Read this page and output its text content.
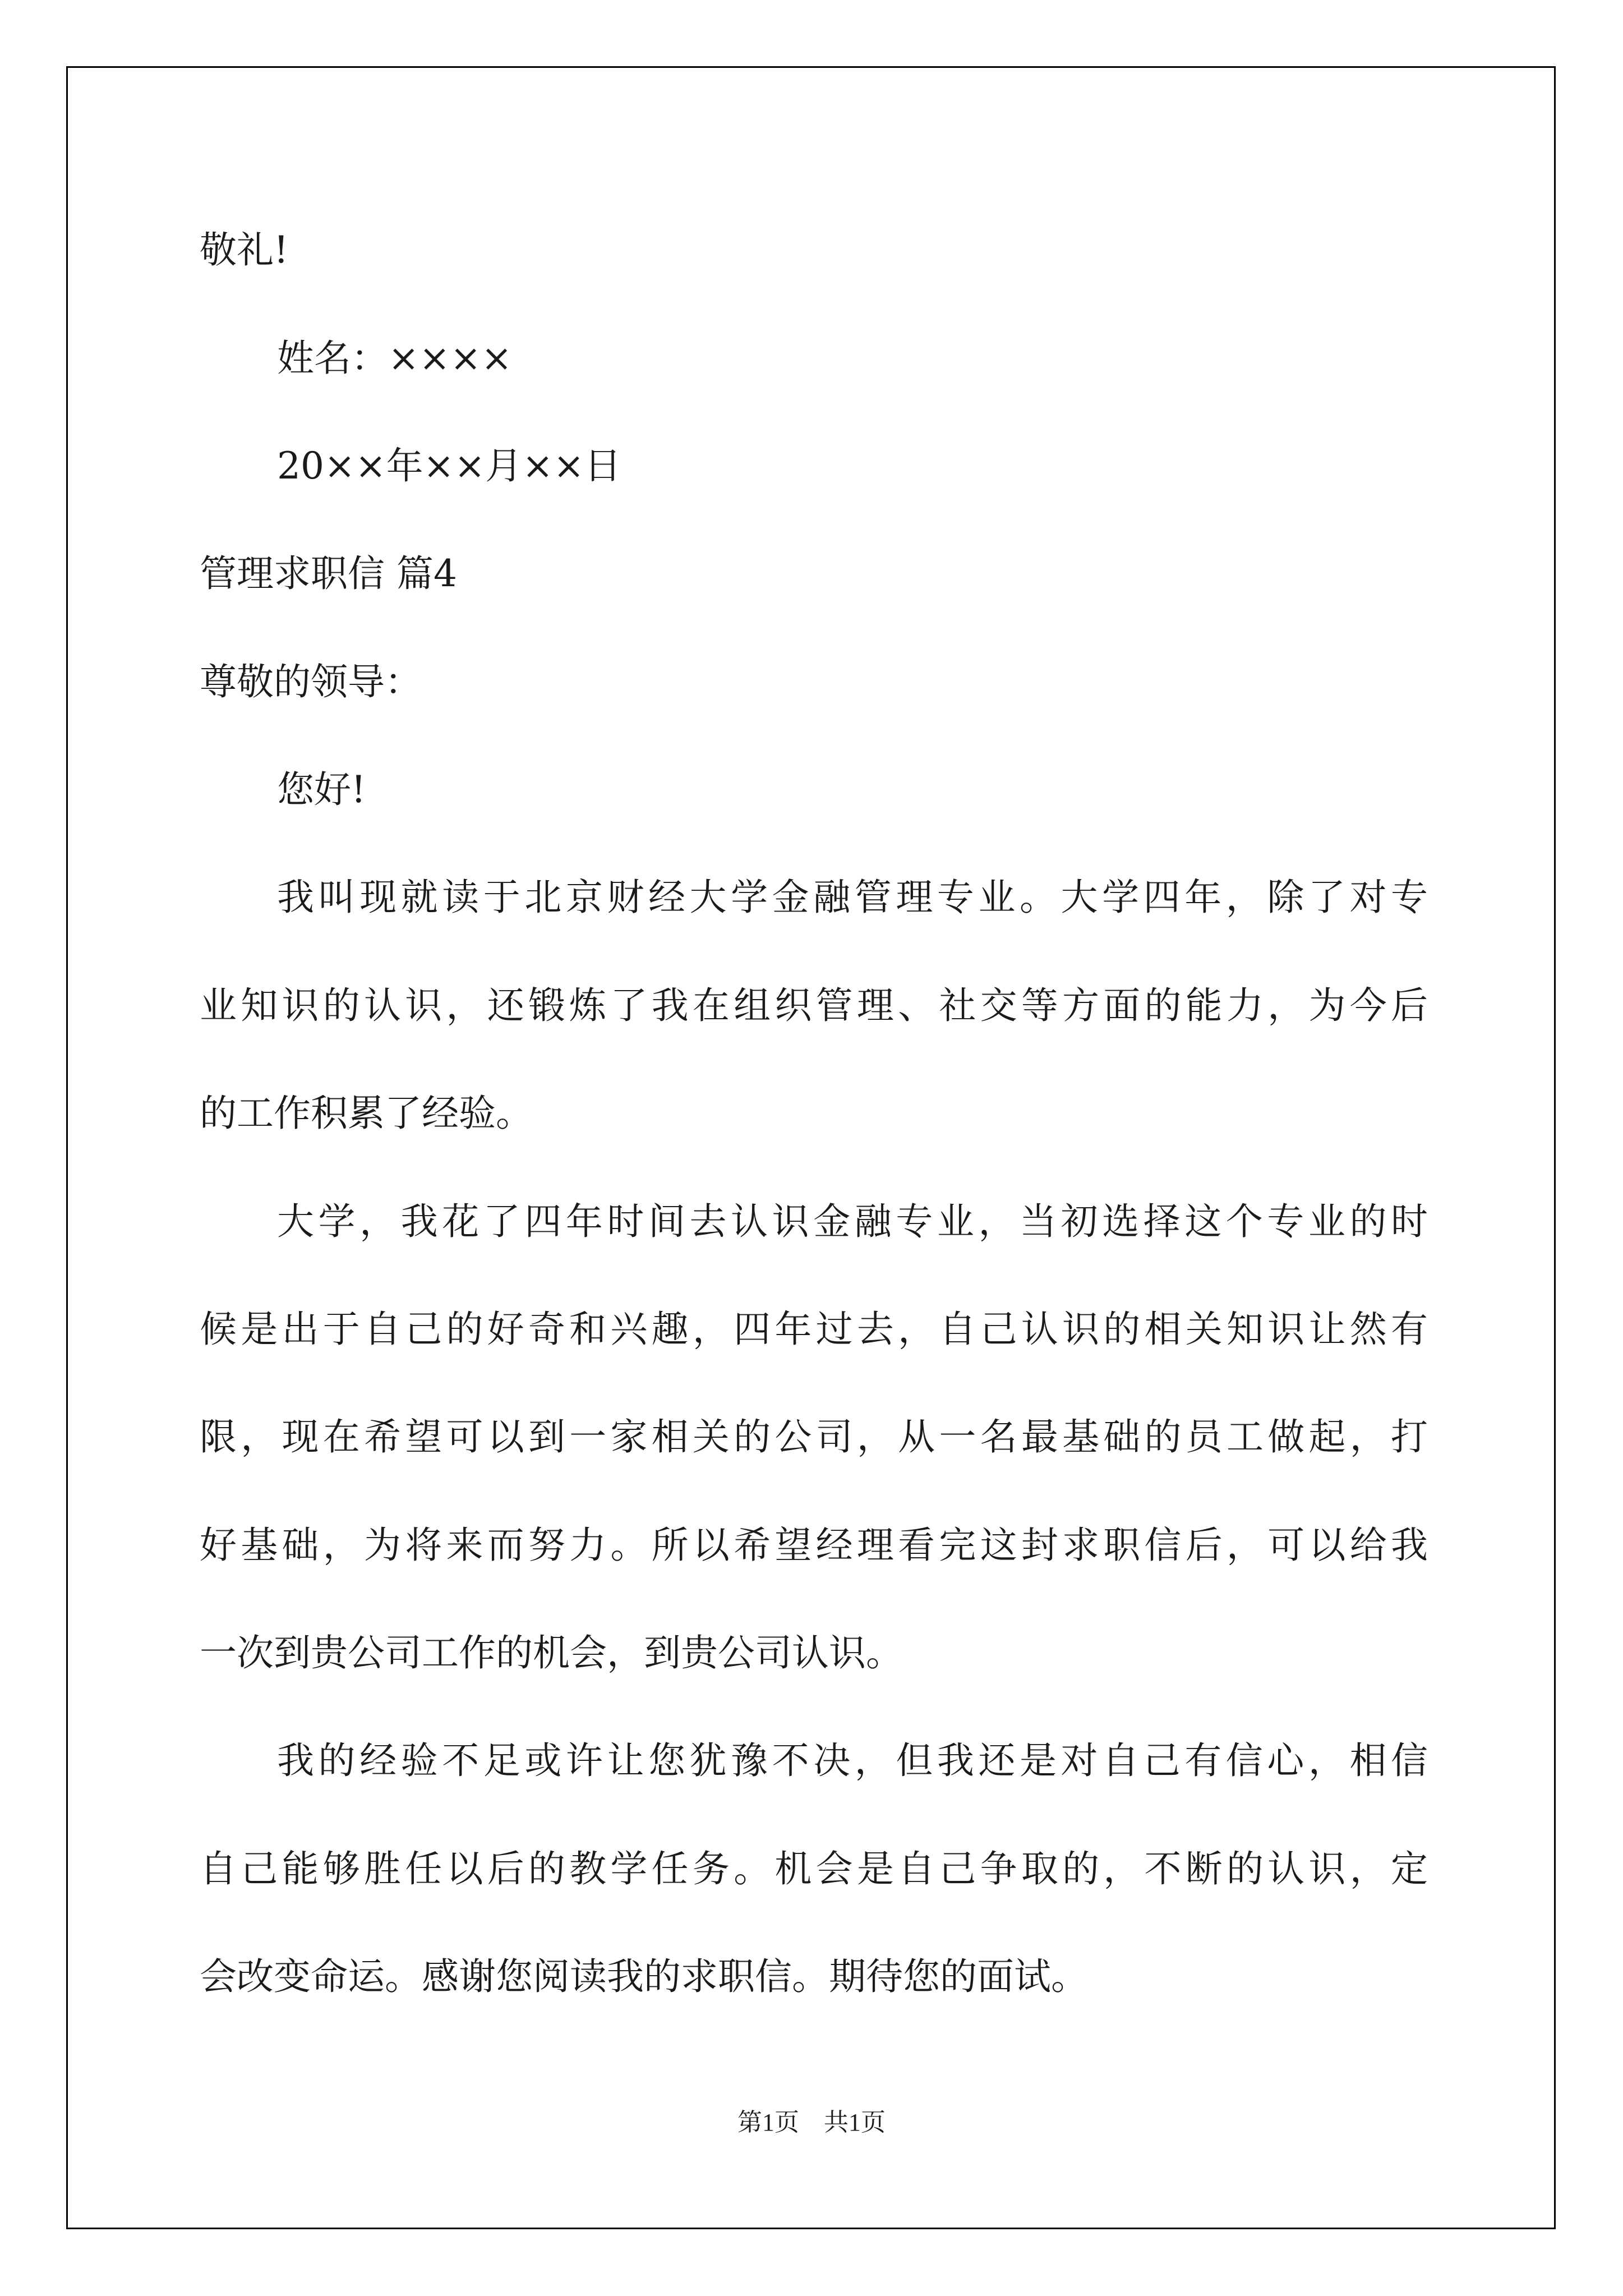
敬礼!
姓名：××××
20××年××月××日
管理求职信 篇4
尊敬的领导：
您好!
我叫现就读于北京财经大学金融管理专业。大学四年，除了对专
业知识的认识，还锻炼了我在组织管理、社交等方面的能力，为今后
的工作积累了经验。
大学，我花了四年时间去认识金融专业，当初选择这个专业的时
候是出于自己的好奇和兴趣，四年过去，自己认识的相关知识让然有
限，现在希望可以到一家相关的公司，从一名最基础的员工做起，打
好基础，为将来而努力。所以希望经理看完这封求职信后，可以给我
一次到贵公司工作的机会，到贵公司认识。
我的经验不足或许让您犹豫不决，但我还是对自己有信心，相信
自己能够胜任以后的教学任务。机会是自己争取的，不断的认识，定
会改变命运。感谢您阅读我的求职信。期待您的面试。
第1页　共1页
